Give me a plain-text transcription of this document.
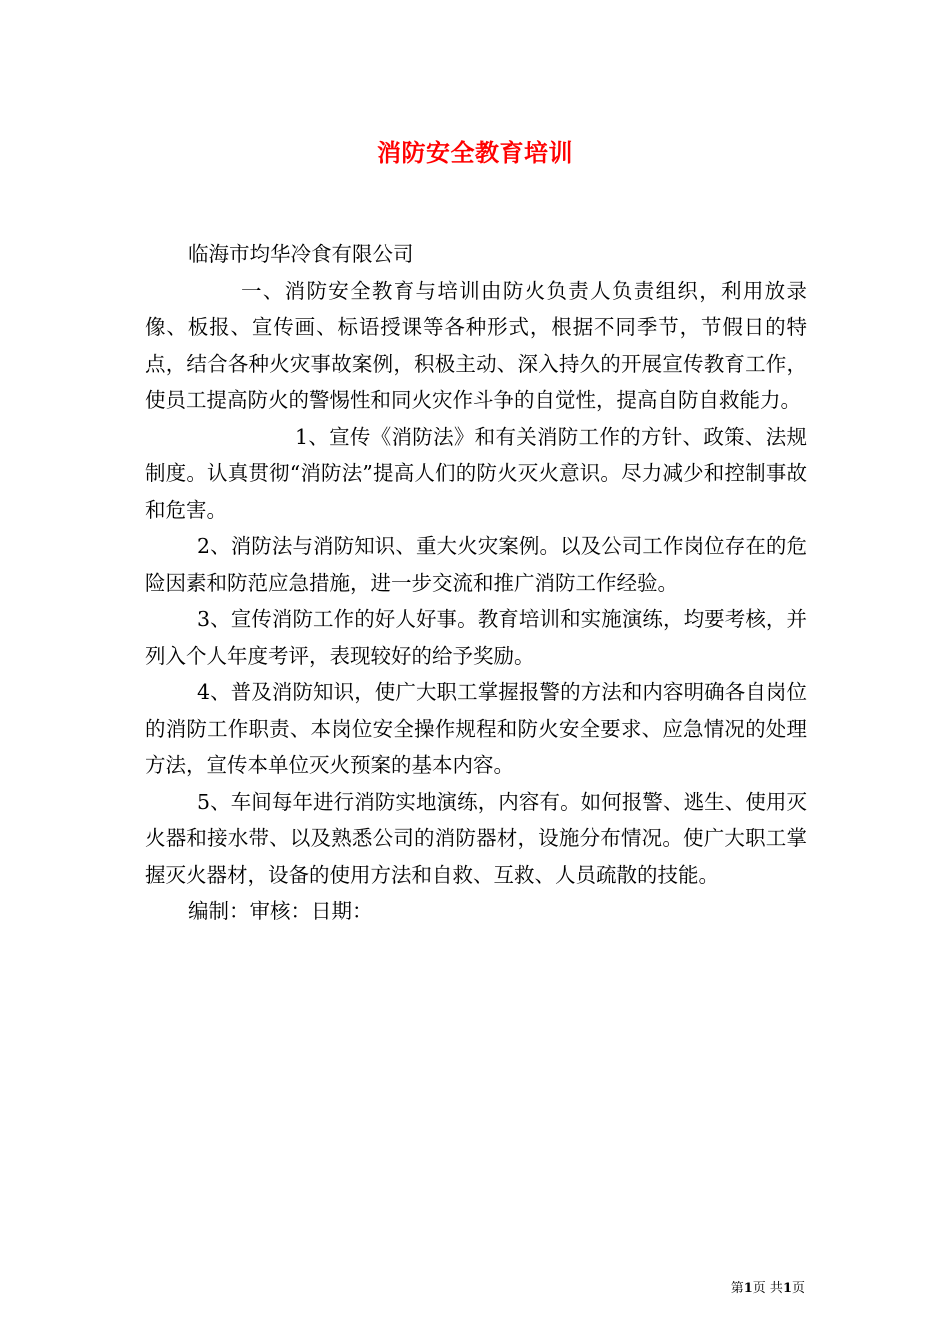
消防安全教育培训

临海市均华冷食有限公司

一、消防安全教育与培训由防火负责人负责组织，利用放录像、板报、宣传画、标语授课等各种形式，根据不同季节，节假日的特点，结合各种火灾事故案例，积极主动、深入持久的开展宣传教育工作，使员工提高防火的警惕性和同火灾作斗争的自觉性，提高自防自救能力。

1、宣传《消防法》和有关消防工作的方针、政策、法规制度。认真贯彻“消防法”提高人们的防火灭火意识。尽力减少和控制事故和危害。

2、消防法与消防知识、重大火灾案例。以及公司工作岗位存在的危险因素和防范应急措施，进一步交流和推广消防工作经验。

3、宣传消防工作的好人好事。教育培训和实施演练，均要考核，并列入个人年度考评，表现较好的给予奖励。

4、普及消防知识，使广大职工掌握报警的方法和内容明确各自岗位的消防工作职责、本岗位安全操作规程和防火安全要求、应急情况的处理方法，宣传本单位灭火预案的基本内容。

5、车间每年进行消防实地演练，内容有。如何报警、逃生、使用灭火器和接水带、以及熟悉公司的消防器材，设施分布情况。使广大职工掌握灭火器材，设备的使用方法和自救、互救、人员疏散的技能。

编制：审核：日期：

第1页 共1页
